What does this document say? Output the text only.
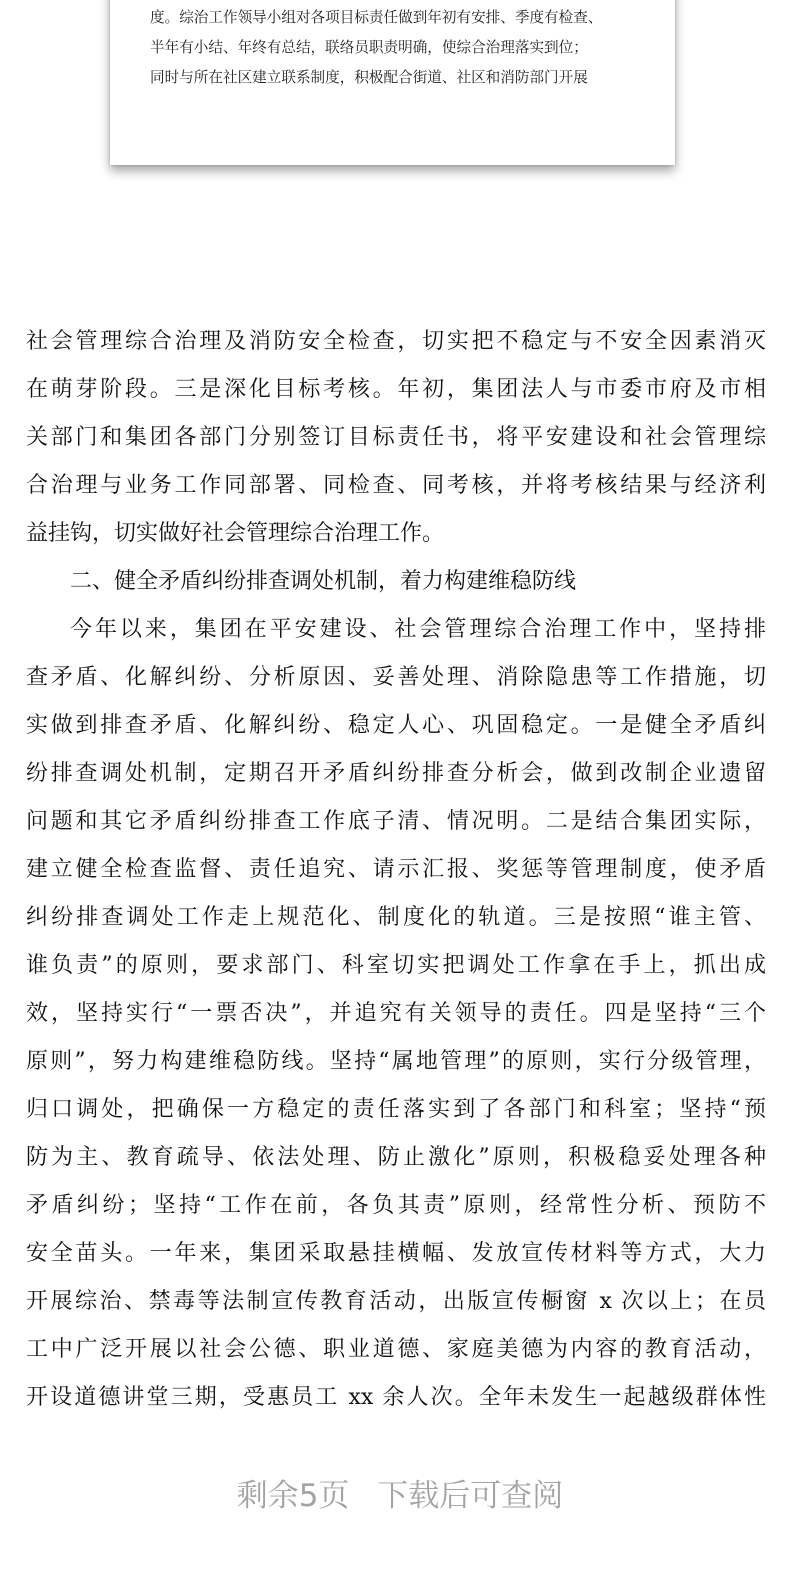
度。综治工作领导小组对各项目标责任做到年初有安排、季度有检查、
半年有小结、年终有总结，联络员职责明确，使综合治理落实到位；
同时与所在社区建立联系制度，积极配合街道、社区和消防部门开展
社会管理综合治理及消防安全检查，切实把不稳定与不安全因素消灭
在萌芽阶段。三是深化目标考核。年初，集团法人与市委市府及市相
关部门和集团各部门分别签订目标责任书，将平安建设和社会管理综
合治理与业务工作同部署、同检查、同考核，并将考核结果与经济利
益挂钩，切实做好社会管理综合治理工作。
二、健全矛盾纠纷排查调处机制，着力构建维稳防线
今年以来，集团在平安建设、社会管理综合治理工作中，坚持排
查矛盾、化解纠纷、分析原因、妥善处理、消除隐患等工作措施，切
实做到排查矛盾、化解纠纷、稳定人心、巩固稳定。一是健全矛盾纠
纷排查调处机制，定期召开矛盾纠纷排查分析会，做到改制企业遗留
问题和其它矛盾纠纷排查工作底子清、情况明。二是结合集团实际，
建立健全检查监督、责任追究、请示汇报、奖惩等管理制度，使矛盾
纠纷排查调处工作走上规范化、制度化的轨道。三是按照“谁主管、
谁负责”的原则，要求部门、科室切实把调处工作拿在手上，抓出成
效，坚持实行“一票否决”，并追究有关领导的责任。四是坚持“三个
原则”，努力构建维稳防线。坚持“属地管理”的原则，实行分级管理，
归口调处，把确保一方稳定的责任落实到了各部门和科室；坚持“预
防为主、教育疏导、依法处理、防止激化”原则，积极稳妥处理各种
矛盾纠纷；坚持“工作在前，各负其责”原则，经常性分析、预防不
安全苗头。一年来，集团采取悬挂横幅、发放宣传材料等方式，大力
开展综治、禁毒等法制宣传教育活动，出版宣传橱窗 x 次以上；在员
工中广泛开展以社会公德、职业道德、家庭美德为内容的教育活动，
开设道德讲堂三期，受惠员工 xx 余人次。全年未发生一起越级群体性
剩余5页 下载后可查阅
